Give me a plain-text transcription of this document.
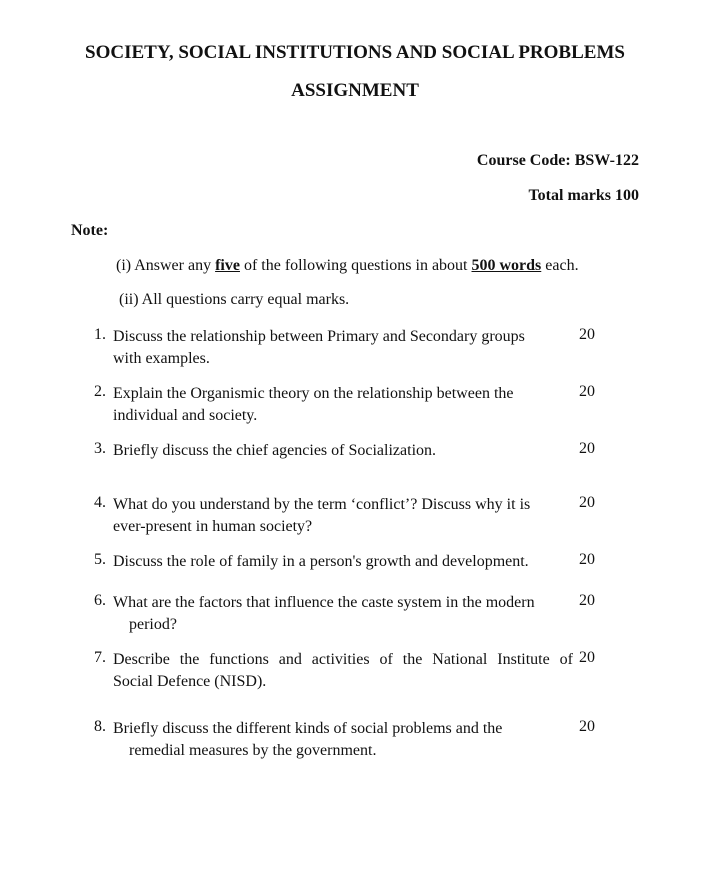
SOCIETY, SOCIAL INSTITUTIONS AND SOCIAL PROBLEMS
ASSIGNMENT
Course Code: BSW-122
Total marks 100
Note:
(i) Answer any five of the following questions in about 500 words each.
(ii) All questions carry equal marks.
1. Discuss the relationship between Primary and Secondary groups
with examples.
20
2. Explain the Organismic theory on the relationship between the
individual and society.
20
3. Briefly discuss the chief agencies of Socialization.	20
4. What do you understand by the term ‘conflict’? Discuss why it is
ever-present in human society?
20
5. Discuss the role of family in a person's growth and development.	20
6. What are the factors that influence the caste system in the modern

period?
20
7. Describe the functions and activities of the National Institute of
Social Defence (NISD).
20
8. Briefly discuss the different kinds of social problems and the

remedial measures by the government.
20
